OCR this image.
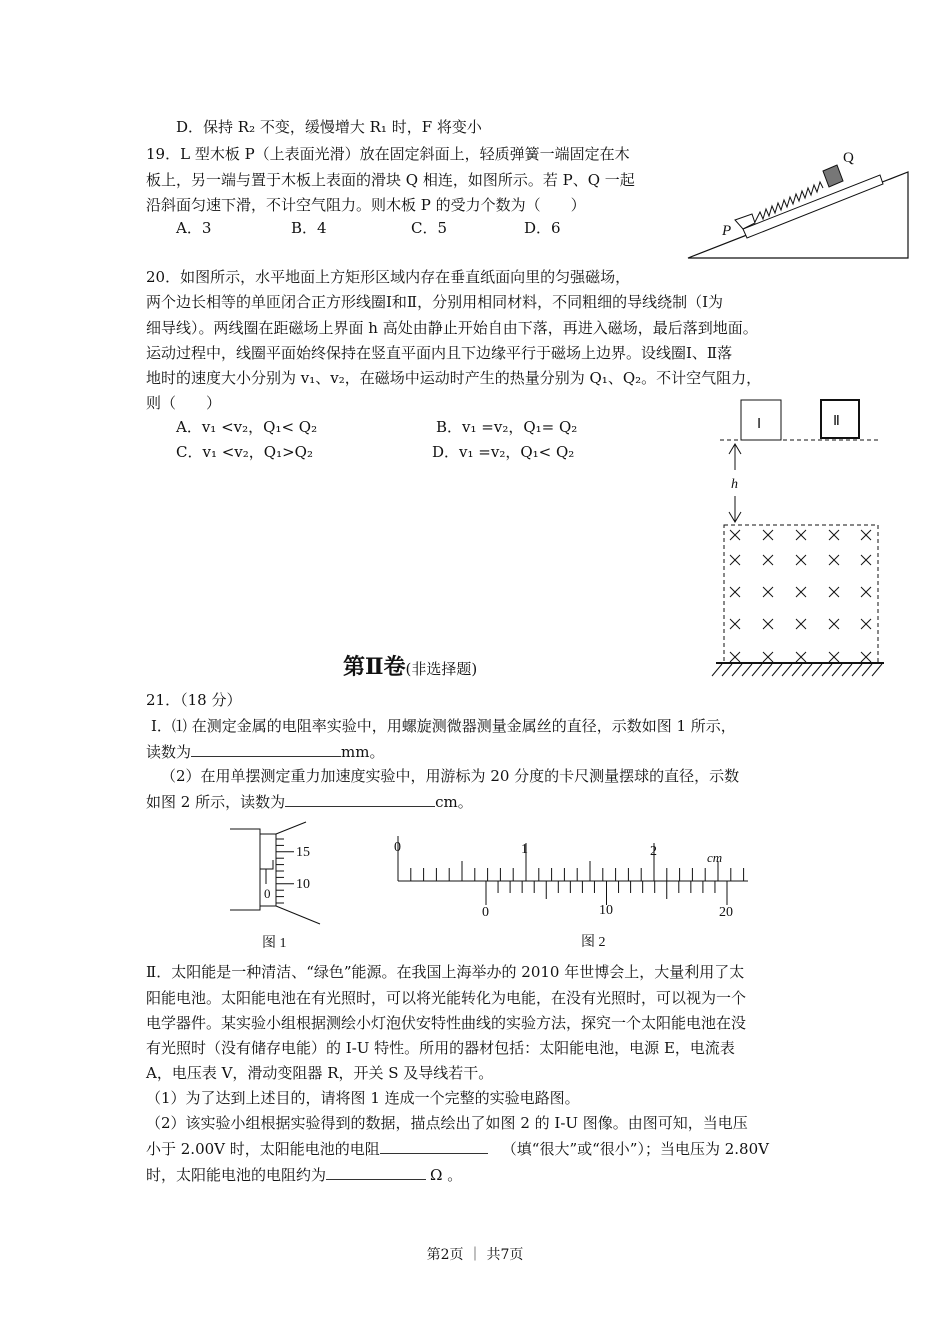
D．保持 R₂ 不变，缓慢增大 R₁ 时，F 将变小
19．L 型木板 P（上表面光滑）放在固定斜面上，轻质弹簧一端固定在木
板上，另一端与置于木板上表面的滑块 Q 相连，如图所示。若 P、Q 一起
沿斜面匀速下滑，不计空气阻力。则木板 P 的受力个数为（　　）
A．3	B．4	C．5	D．6
20．如图所示，水平地面上方矩形区域内存在垂直纸面向里的匀强磁场，
两个边长相等的单匝闭合正方形线圈Ⅰ和Ⅱ，分别用相同材料，不同粗细的导线绕制（Ⅰ为
细导线）。两线圈在距磁场上界面 h 高处由静止开始自由下落，再进入磁场，最后落到地面。
运动过程中，线圈平面始终保持在竖直平面内且下边缘平行于磁场上边界。设线圈Ⅰ、Ⅱ落
地时的速度大小分别为 v₁、v₂，在磁场中运动时产生的热量分别为 Q₁、Q₂。不计空气阻力，
则（　　）
A．v₁ <v₂，Q₁< Q₂	B．v₁ =v₂，Q₁= Q₂
C．v₁ <v₂，Q₁>Q₂	D．v₁ =v₂，Q₁< Q₂
第Ⅱ卷(非选择题)
21．（18 分）
Ⅰ．⑴ 在测定金属的电阻率实验中，用螺旋测微器测量金属丝的直径，示数如图 1 所示，
读数为	mm。
（2）在用单摆测定重力加速度实验中，用游标为 20 分度的卡尺测量摆球的直径，示数
如图 2 所示，读数为	cm。
Ⅱ．太阳能是一种清洁、“绿色”能源。在我国上海举办的 2010 年世博会上，大量利用了太
阳能电池。太阳能电池在有光照时，可以将光能转化为电能，在没有光照时，可以视为一个
电学器件。某实验小组根据测绘小灯泡伏安特性曲线的实验方法，探究一个太阳能电池在没
有光照时（没有储存电能）的 I-U 特性。所用的器材包括：太阳能电池，电源 E，电流表
A，电压表 V，滑动变阻器 R，开关 S 及导线若干。
（1）为了达到上述目的，请将图 1 连成一个完整的实验电路图。
（2）该实验小组根据实验得到的数据，描点绘出了如图 2 的 I-U 图像。由图可知，当电压
小于 2.00V 时，太阳能电池的电阻	（填“很大”或“很小”）；当电压为 2.80V
时，太阳能电池的电阻约为	Ω 。
Q
P
Ⅰ	Ⅱ
h
15
10
0
图 1
0	1	2	cm
0	10	20
图 2
第2页 ｜ 共7页
